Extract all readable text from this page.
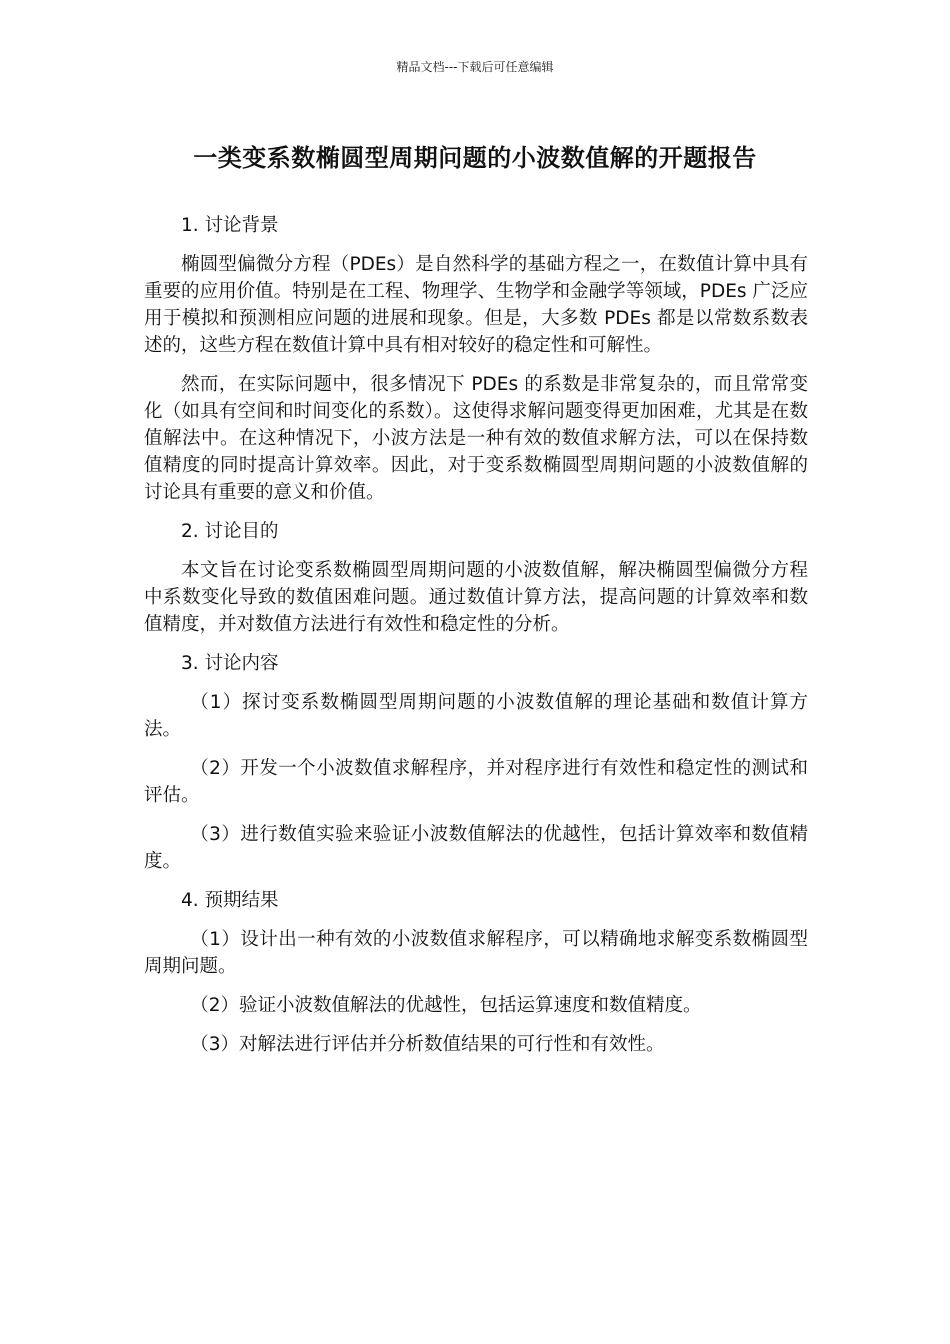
精品文档---下载后可任意编辑
一类变系数椭圆型周期问题的小波数值解的开题报告

1. 讨论背景

椭圆型偏微分方程（PDEs）是自然科学的基础方程之一，在数值计算中具有重要的应用价值。特别是在工程、物理学、生物学和金融学等领域，PDEs 广泛应用于模拟和预测相应问题的进展和现象。但是，大多数 PDEs 都是以常数系数表述的，这些方程在数值计算中具有相对较好的稳定性和可解性。

然而，在实际问题中，很多情况下 PDEs 的系数是非常复杂的，而且常常变化（如具有空间和时间变化的系数）。这使得求解问题变得更加困难，尤其是在数值解法中。在这种情况下，小波方法是一种有效的数值求解方法，可以在保持数值精度的同时提高计算效率。因此，对于变系数椭圆型周期问题的小波数值解的讨论具有重要的意义和价值。

2. 讨论目的

本文旨在讨论变系数椭圆型周期问题的小波数值解，解决椭圆型偏微分方程中系数变化导致的数值困难问题。通过数值计算方法，提高问题的计算效率和数值精度，并对数值方法进行有效性和稳定性的分析。

3. 讨论内容

（1）探讨变系数椭圆型周期问题的小波数值解的理论基础和数值计算方法。

（2）开发一个小波数值求解程序，并对程序进行有效性和稳定性的测试和评估。

（3）进行数值实验来验证小波数值解法的优越性，包括计算效率和数值精度。

4. 预期结果

（1）设计出一种有效的小波数值求解程序，可以精确地求解变系数椭圆型周期问题。

（2）验证小波数值解法的优越性，包括运算速度和数值精度。

（3）对解法进行评估并分析数值结果的可行性和有效性。
